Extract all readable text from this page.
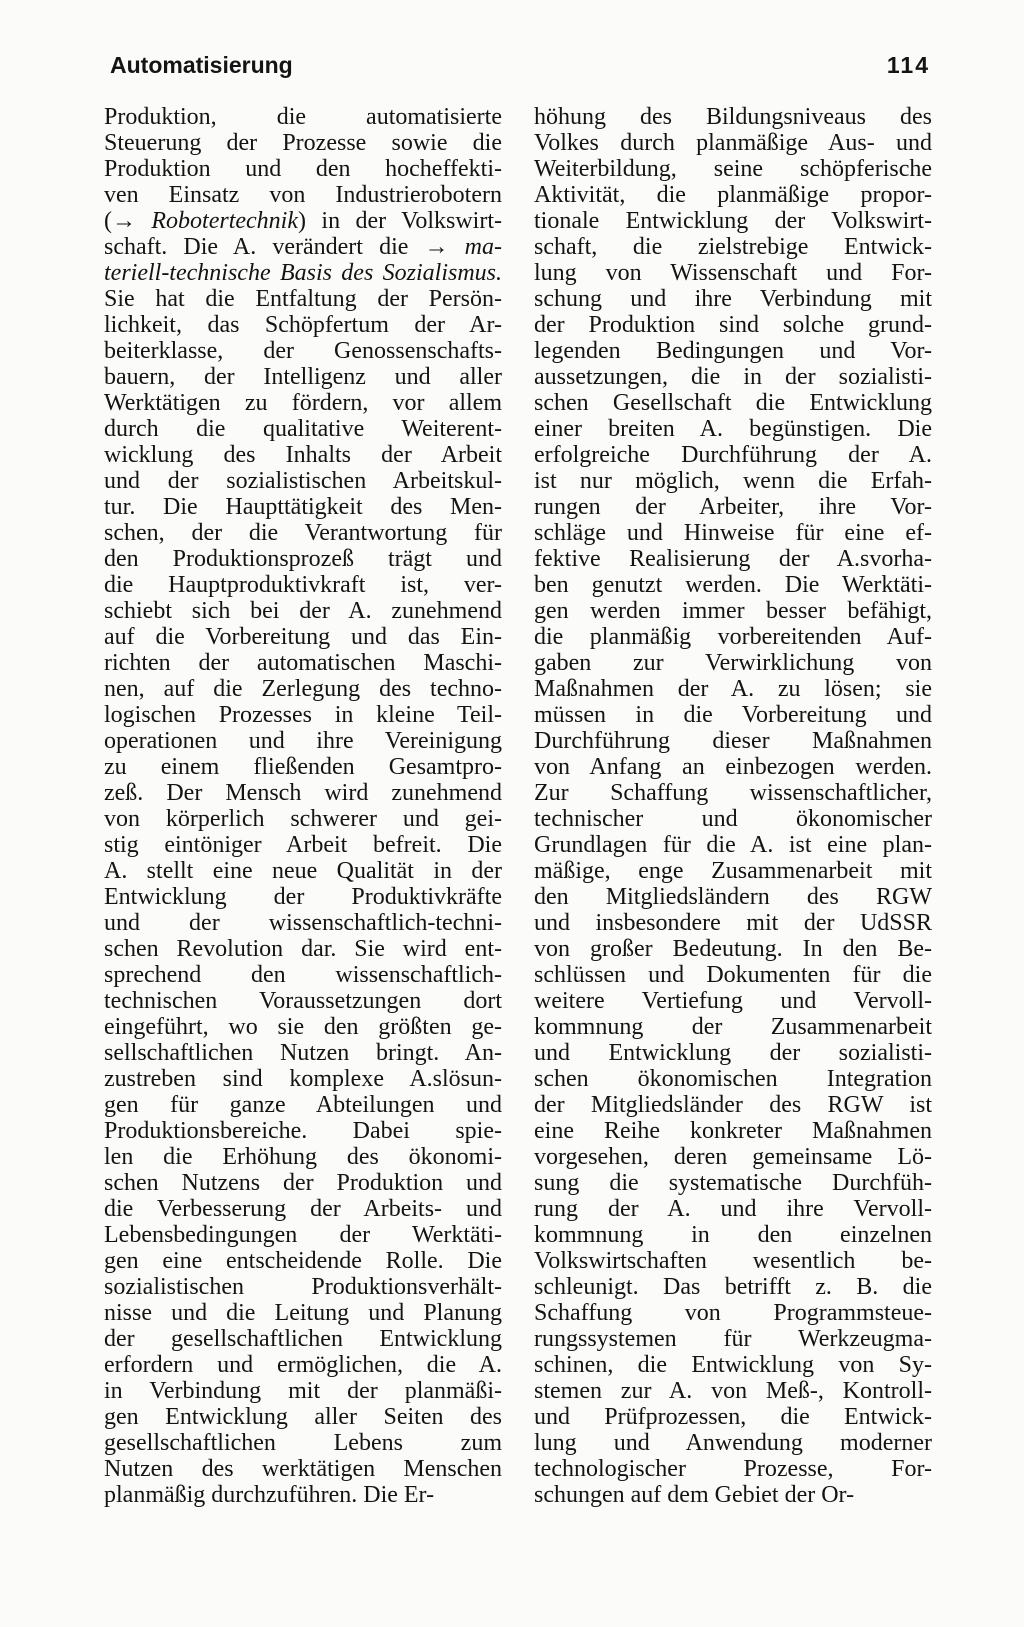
Automatisierung	114
Produktion, die automatisierte
Steuerung der Prozesse sowie die
Produktion und den hocheffekti-
ven Einsatz von Industrierobotern
(→ Robotertechnik) in der Volkswirt-
schaft. Die A. verändert die → ma-
teriell-technische Basis des Sozialismus.
Sie hat die Entfaltung der Persön-
lichkeit, das Schöpfertum der Ar-
beiterklasse, der Genossenschafts-
bauern, der Intelligenz und aller
Werktätigen zu fördern, vor allem
durch die qualitative Weiterent-
wicklung des Inhalts der Arbeit
und der sozialistischen Arbeitskul-
tur. Die Haupttätigkeit des Men-
schen, der die Verantwortung für
den Produktionsprozeß trägt und
die Hauptproduktivkraft ist, ver-
schiebt sich bei der A. zunehmend
auf die Vorbereitung und das Ein-
richten der automatischen Maschi-
nen, auf die Zerlegung des techno-
logischen Prozesses in kleine Teil-
operationen und ihre Vereinigung
zu einem fließenden Gesamtpro-
zeß. Der Mensch wird zunehmend
von körperlich schwerer und gei-
stig eintöniger Arbeit befreit. Die
A. stellt eine neue Qualität in der
Entwicklung der Produktivkräfte
und der wissenschaftlich-techni-
schen Revolution dar. Sie wird ent-
sprechend den wissenschaftlich-
technischen Voraussetzungen dort
eingeführt, wo sie den größten ge-
sellschaftlichen Nutzen bringt. An-
zustreben sind komplexe A.slösun-
gen für ganze Abteilungen und
Produktionsbereiche. Dabei spie-
len die Erhöhung des ökonomi-
schen Nutzens der Produktion und
die Verbesserung der Arbeits- und
Lebensbedingungen der Werktäti-
gen eine entscheidende Rolle. Die
sozialistischen Produktionsverhält-
nisse und die Leitung und Planung
der gesellschaftlichen Entwicklung
erfordern und ermöglichen, die A.
in Verbindung mit der planmäßi-
gen Entwicklung aller Seiten des
gesellschaftlichen Lebens zum
Nutzen des werktätigen Menschen
planmäßig durchzuführen. Die Er-
höhung des Bildungsniveaus des
Volkes durch planmäßige Aus- und
Weiterbildung, seine schöpferische
Aktivität, die planmäßige propor-
tionale Entwicklung der Volkswirt-
schaft, die zielstrebige Entwick-
lung von Wissenschaft und For-
schung und ihre Verbindung mit
der Produktion sind solche grund-
legenden Bedingungen und Vor-
aussetzungen, die in der sozialisti-
schen Gesellschaft die Entwicklung
einer breiten A. begünstigen. Die
erfolgreiche Durchführung der A.
ist nur möglich, wenn die Erfah-
rungen der Arbeiter, ihre Vor-
schläge und Hinweise für eine ef-
fektive Realisierung der A.svorha-
ben genutzt werden. Die Werktäti-
gen werden immer besser befähigt,
die planmäßig vorbereitenden Auf-
gaben zur Verwirklichung von
Maßnahmen der A. zu lösen; sie
müssen in die Vorbereitung und
Durchführung dieser Maßnahmen
von Anfang an einbezogen werden.
Zur Schaffung wissenschaftlicher,
technischer und ökonomischer
Grundlagen für die A. ist eine plan-
mäßige, enge Zusammenarbeit mit
den Mitgliedsländern des RGW
und insbesondere mit der UdSSR
von großer Bedeutung. In den Be-
schlüssen und Dokumenten für die
weitere Vertiefung und Vervoll-
kommnung der Zusammenarbeit
und Entwicklung der sozialisti-
schen ökonomischen Integration
der Mitgliedsländer des RGW ist
eine Reihe konkreter Maßnahmen
vorgesehen, deren gemeinsame Lö-
sung die systematische Durchfüh-
rung der A. und ihre Vervoll-
kommnung in den einzelnen
Volkswirtschaften wesentlich be-
schleunigt. Das betrifft z. B. die
Schaffung von Programmsteue-
rungssystemen für Werkzeugma-
schinen, die Entwicklung von Sy-
stemen zur A. von Meß-, Kontroll-
und Prüfprozessen, die Entwick-
lung und Anwendung moderner
technologischer Prozesse, For-
schungen auf dem Gebiet der Or-
